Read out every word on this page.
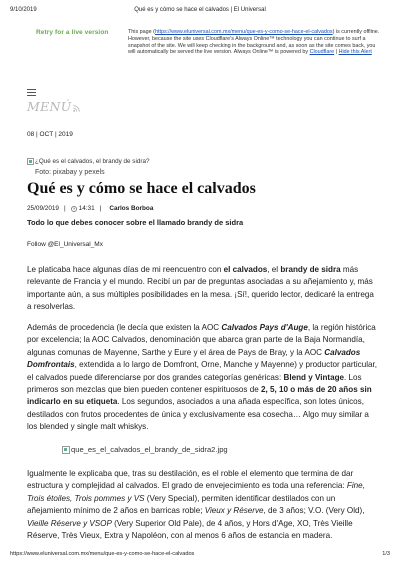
9/10/2019	Qué es y cómo se hace el calvados | El Universal
Retry for a live version	This page (https://www.eluniversal.com.mx/menu/que-es-y-como-se-hace-el-calvados) is currently offline. However, because the site uses Cloudflare's Always Online™ technology you can continue to surf a snapshot of the site. We will keep checking in the background and, as soon as the site comes back, you will automatically be served the live version. Always Online™ is powered by Cloudflare | Hide this Alert
MENÚ
08 | OCT | 2019
¿Qué es el calvados, el brandy de sidra?
Foto: pixabay y pexels
Qué es y cómo se hace el calvados
25/09/2019 | 14:31 | Carlos Borboa
Todo lo que debes conocer sobre el llamado brandy de sidra
Follow @El_Universal_Mx

Le platicaba hace algunas días de mi reencuentro con el calvados, el brandy de sidra más relevante de Francia y el mundo. Recibí un par de preguntas asociadas a su añejamiento y, más importante aún, a sus múltiples posibilidades en la mesa. ¡Sí!, querido lector, dedicaré la entrega a resolverlas.

Además de procedencia (le decía que existen la AOC Calvados Pays d'Auge, la región histórica por excelencia; la AOC Calvados, denominación que abarca gran parte de la Baja Normandía, algunas comunas de Mayenne, Sarthe y Eure y el área de Pays de Bray, y la AOC Calvados Domfrontais, extendida a lo largo de Domfront, Orne, Manche y Mayenne) y productor particular, el calvados puede diferenciarse por dos grandes categorías genéricas: Blend y Vintage. Los primeros son mezclas que bien pueden contener espirituosos de 2, 5, 10 o más de 20 años sin indicarlo en su etiqueta. Los segundos, asociados a una añada específica, son lotes únicos, destilados con frutos procedentes de única y exclusivamente esa cosecha… Algo muy similar a los blended y single malt whiskys.

que_es_el_calvados_el_brandy_de_sidra2.jpg

Igualmente le explicaba que, tras su destilación, es el roble el elemento que termina de dar estructura y complejidad al calvados. El grado de envejecimiento es toda una referencia: Fine, Trois étoiles, Trois pommes y VS (Very Special), permiten identificar destilados con un añejamiento mínimo de 2 años en barricas roble; Vieux y Réserve, de 3 años; V.O. (Very Old), Vieille Réserve y VSOP (Very Superior Old Pale), de 4 años, y Hors d'Age, XO, Très Vieille Réserve, Très Vieux, Extra y Napoléon, con al menos 6 años de estancia en madera.

https://www.eluniversal.com.mx/menu/que-es-y-como-se-hace-el-calvados	1/3
